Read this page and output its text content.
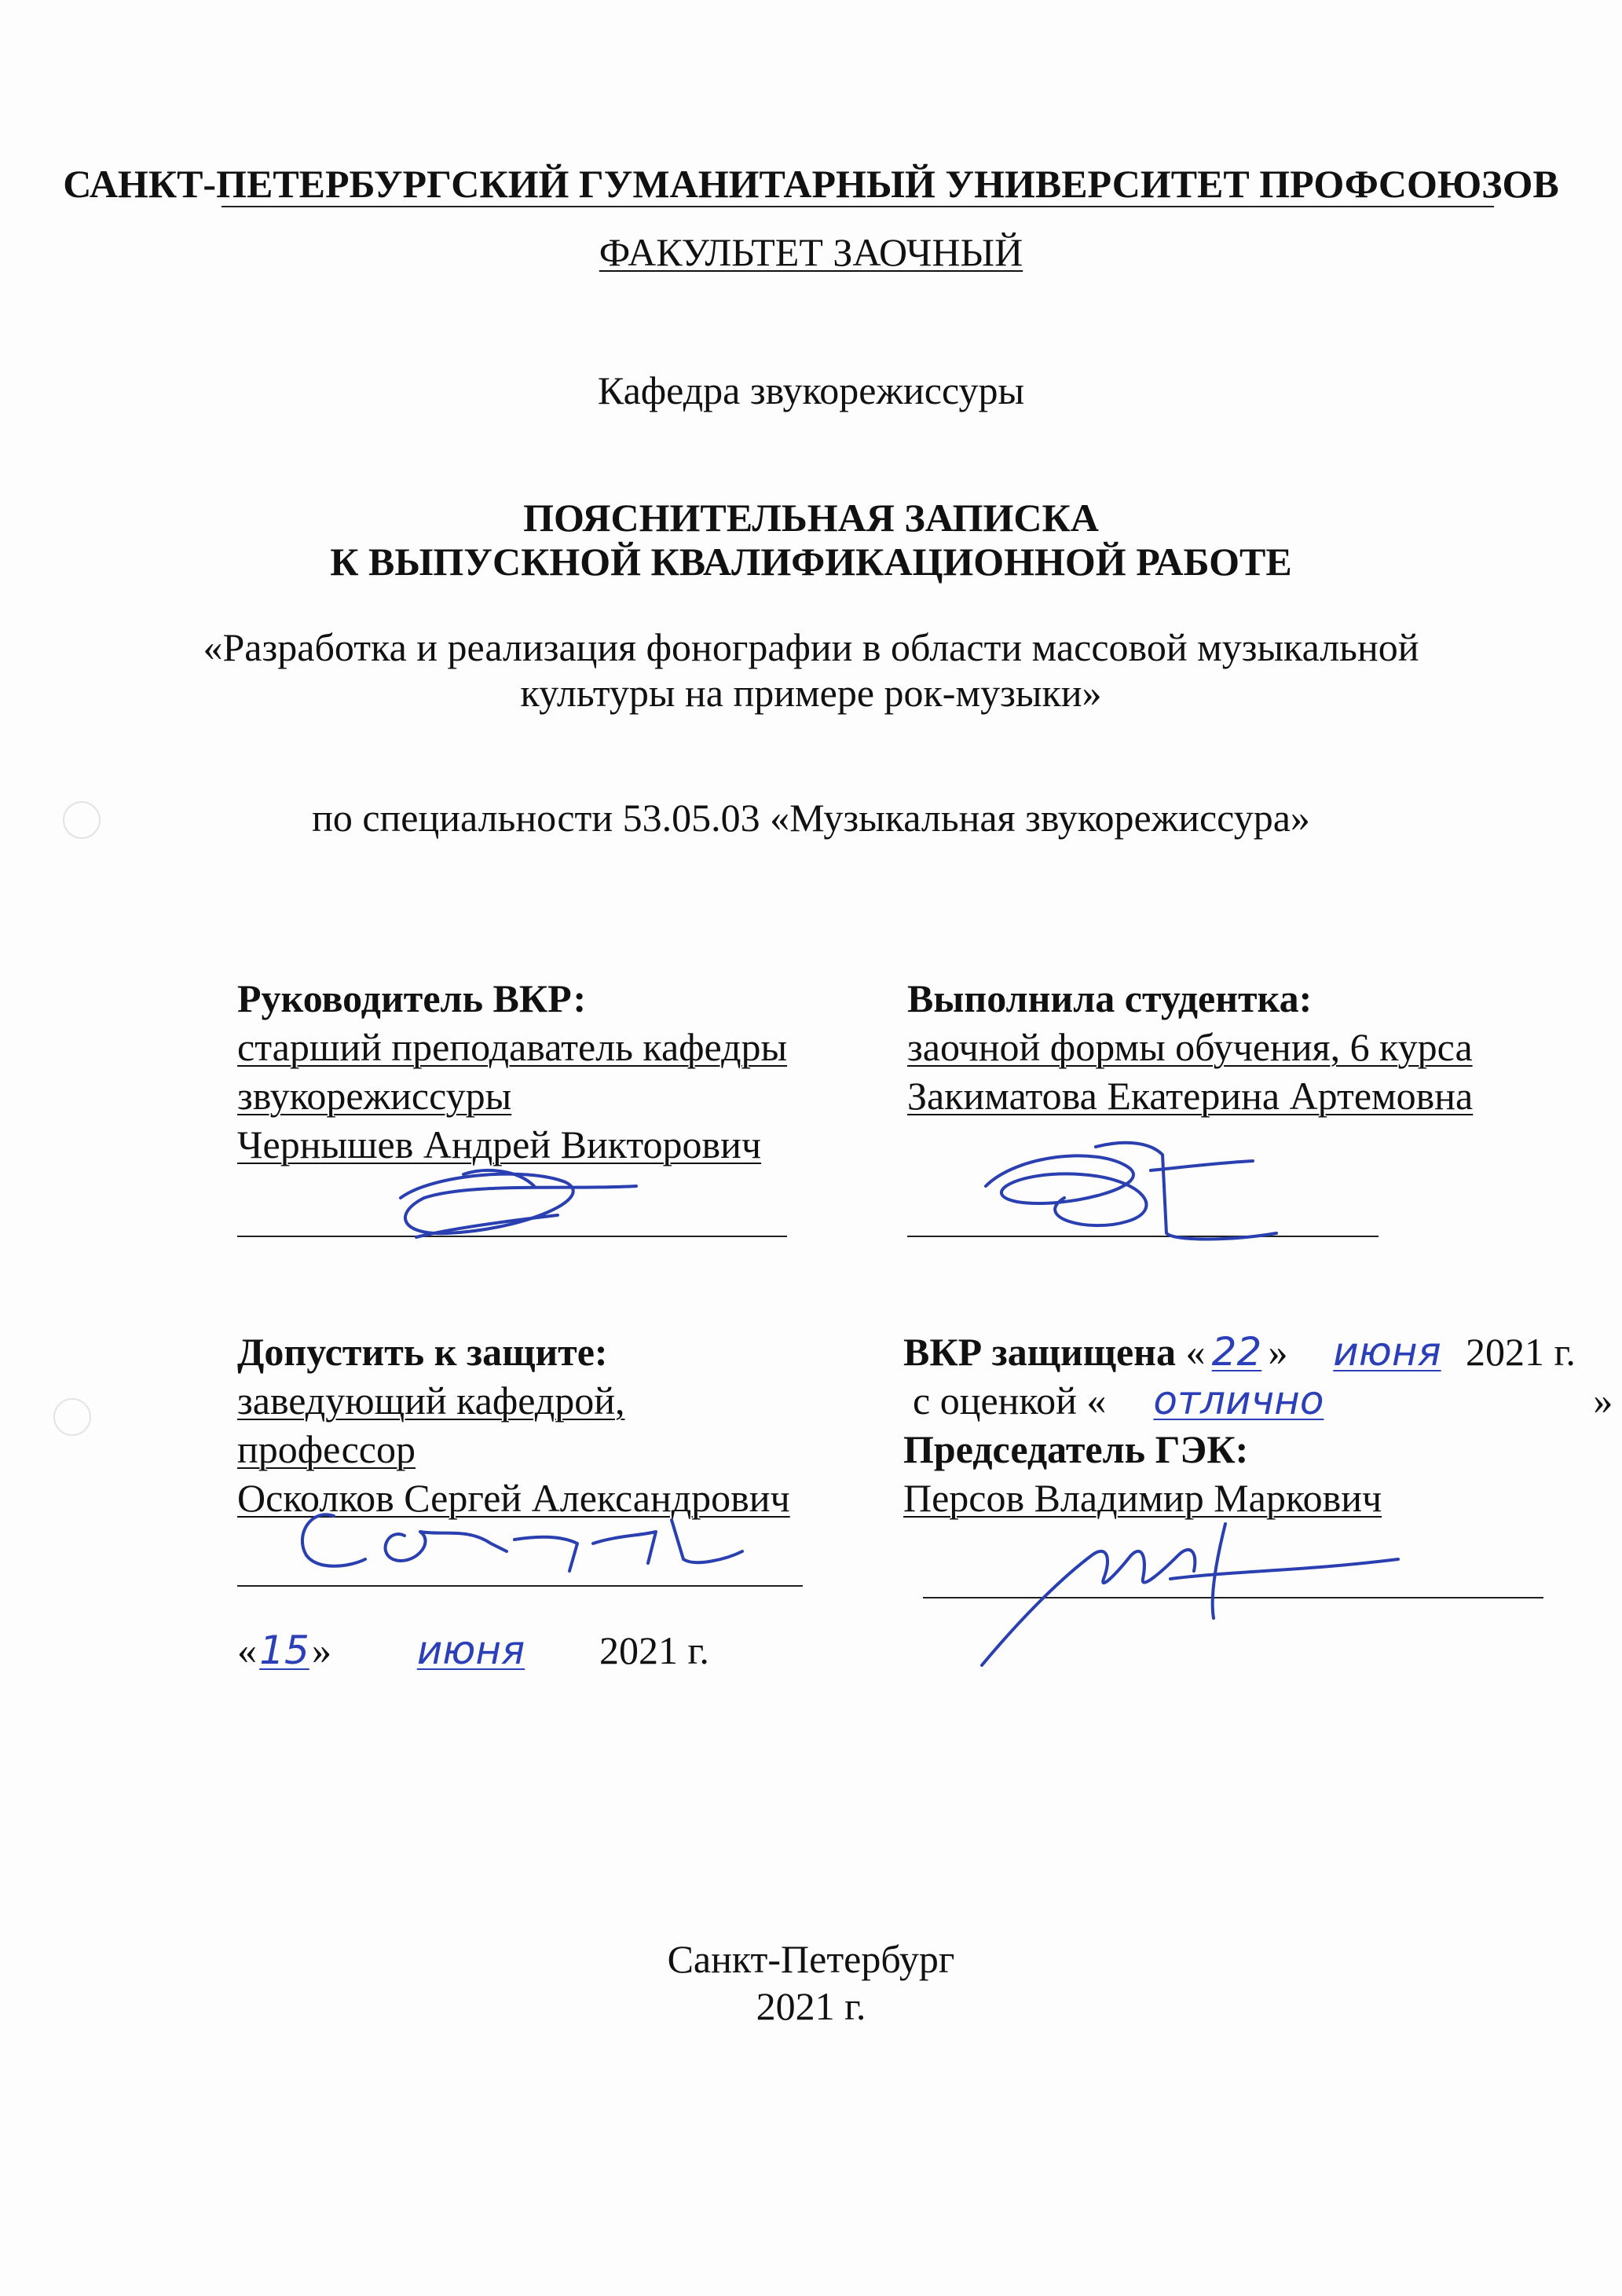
САНКТ-ПЕТЕРБУРГСКИЙ ГУМАНИТАРНЫЙ УНИВЕРСИТЕТ ПРОФСОЮЗОВ
ФАКУЛЬТЕТ ЗАОЧНЫЙ
Кафедра звукорежиссуры
ПОЯСНИТЕЛЬНАЯ ЗАПИСКА
К ВЫПУСКНОЙ КВАЛИФИКАЦИОННОЙ РАБОТЕ
«Разработка и реализация фонографии в области массовой музыкальной
культуры на примере рок-музыки»
по специальности 53.05.03 «Музыкальная звукорежиссура»
Руководитель ВКР:
старший преподаватель кафедры
звукорежиссуры
Чернышев Андрей Викторович
Выполнила студентка:
заочной формы обучения, 6 курса
Закиматова Екатерина Артемовна
Допустить к защите:
заведующий кафедрой,
профессор
Осколков Сергей Александрович
«15» июня 2021 г.
ВКР защищена « 22 » июня 2021 г.
с оценкой « отлично	»
Председатель ГЭК:
Персов Владимир Маркович
Санкт-Петербург
2021 г.
